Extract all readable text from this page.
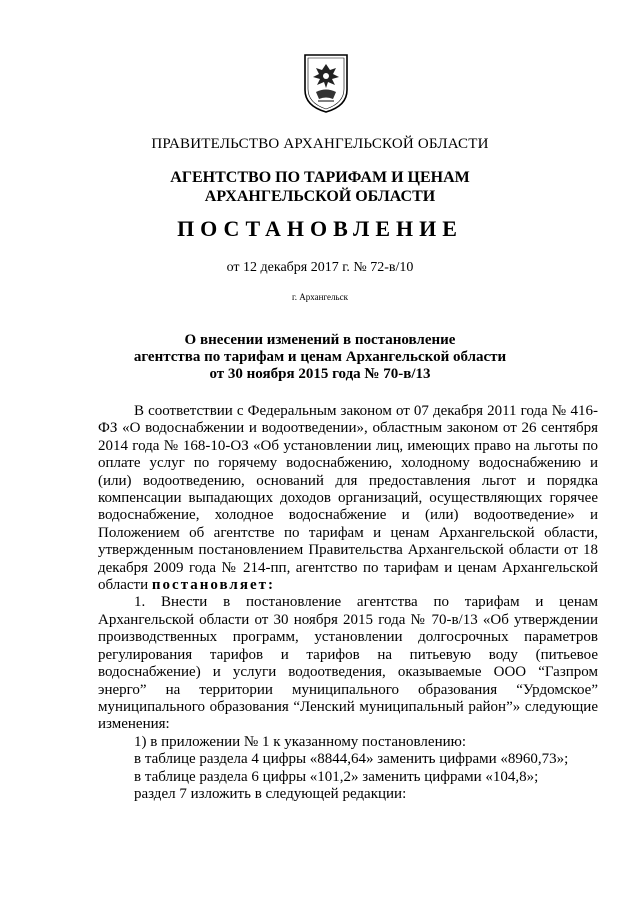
ПРАВИТЕЛЬСТВО АРХАНГЕЛЬСКОЙ ОБЛАСТИ
АГЕНТСТВО ПО ТАРИФАМ И ЦЕНАМ
АРХАНГЕЛЬСКОЙ ОБЛАСТИ
ПОСТАНОВЛЕНИЕ
от 12 декабря 2017 г. № 72-в/10
г. Архангельск
О внесении изменений в постановление
агентства по тарифам и ценам Архангельской области
от 30 ноября 2015 года № 70-в/13

В соответствии с Федеральным законом от 07 декабря 2011 года № 416-ФЗ «О водоснабжении и водоотведении», областным законом от 26 сентября 2014 года № 168-10-ОЗ «Об установлении лиц, имеющих право на льготы по оплате услуг по горячему водоснабжению, холодному водоснабжению и (или) водоотведению, оснований для предоставления льгот и порядка компенсации выпадающих доходов организаций, осуществляющих горячее водоснабжение, холодное водоснабжение и (или) водоотведение» и Положением об агентстве по тарифам и ценам Архангельской области, утвержденным постановлением Правительства Архангельской области от 18 декабря 2009 года № 214-пп, агентство по тарифам и ценам Архангельской области постановляет:

1. Внести в постановление агентства по тарифам и ценам Архангельской области от 30 ноября 2015 года № 70-в/13 «Об утверждении производственных программ, установлении долгосрочных параметров регулирования тарифов и тарифов на питьевую воду (питьевое водоснабжение) и услуги водоотведения, оказываемые ООО “Газпром энерго” на территории муниципального образования “Урдомское” муниципального образования “Ленский муниципальный район”» следующие изменения:

1) в приложении № 1 к указанному постановлению:

в таблице раздела 4 цифры «8844,64» заменить цифрами «8960,73»;

в таблице раздела 6 цифры «101,2» заменить цифрами «104,8»;

раздел 7 изложить в следующей редакции:
